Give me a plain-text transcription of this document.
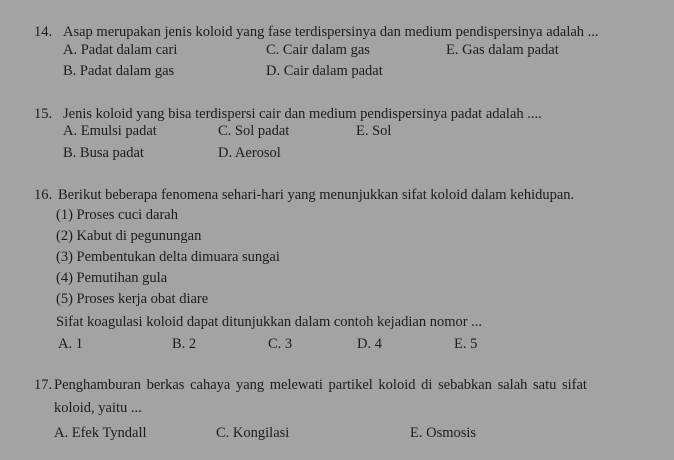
14. Asap merupakan jenis koloid yang fase terdispersinya dan medium pendispersinya adalah ...
A. Padat dalam cari	C. Cair dalam gas	E. Gas dalam padat
B. Padat dalam gas	D. Cair dalam padat
15. Jenis koloid yang bisa terdispersi cair dan medium pendispersinya padat adalah ....
A. Emulsi padat	C. Sol padat	E. Sol
B. Busa padat	D. Aerosol
16. Berikut beberapa fenomena sehari-hari yang menunjukkan sifat koloid dalam kehidupan.
(1) Proses cuci darah
(2) Kabut di pegunungan
(3) Pembentukan delta dimuara sungai
(4) Pemutihan gula
(5) Proses kerja obat diare
Sifat koagulasi koloid dapat ditunjukkan dalam contoh kejadian nomor ...
A. 1	B. 2	C. 3	D. 4	E. 5
17. Penghamburan berkas cahaya yang melewati partikel koloid di sebabkan salah satu sifat
koloid, yaitu ...
A. Efek Tyndall	C. Kongilasi	E. Osmosis
